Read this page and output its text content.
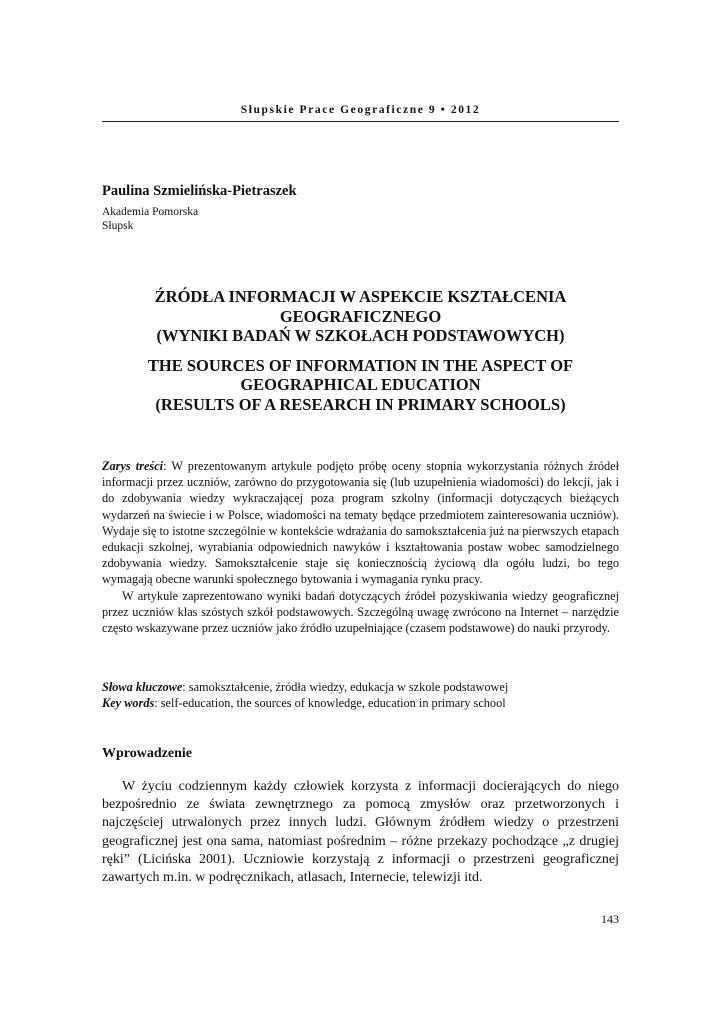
Słupskie Prace Geograficzne 9 • 2012
Paulina Szmielińska-Pietraszek
Akademia Pomorska
Słupsk
ŹRÓDŁA INFORMACJI W ASPEKCIE KSZTAŁCENIA
GEOGRAFICZNEGO
(WYNIKI BADAŃ W SZKOŁACH PODSTAWOWYCH)
THE SOURCES OF INFORMATION IN THE ASPECT OF
GEOGRAPHICAL EDUCATION
(RESULTS OF A RESEARCH IN PRIMARY SCHOOLS)

Zarys treści: W prezentowanym artykule podjęto próbę oceny stopnia wykorzystania różnych źródeł informacji przez uczniów, zarówno do przygotowania się (lub uzupełnienia wiadomości) do lekcji, jak i do zdobywania wiedzy wykraczającej poza program szkolny (informacji dotyczących bieżących wydarzeń na świecie i w Polsce, wiadomości na tematy będące przedmiotem zainteresowania uczniów). Wydaje się to istotne szczególnie w kontekście wdrażania do samokształcenia już na pierwszych etapach edukacji szkolnej, wyrabiania odpowiednich nawyków i kształtowania postaw wobec samodzielnego zdobywania wiedzy. Samokształcenie staje się koniecznością życiową dla ogółu ludzi, bo tego wymagają obecne warunki społecznego bytowania i wymagania rynku pracy.

W artykule zaprezentowano wyniki badań dotyczących źródeł pozyskiwania wiedzy geograficznej przez uczniów klas szóstych szkół podstawowych. Szczególną uwagę zwrócono na Internet – narzędzie często wskazywane przez uczniów jako źródło uzupełniające (czasem podstawowe) do nauki przyrody.

Słowa kluczowe: samokształcenie, źródła wiedzy, edukacja w szkole podstawowej
Key words: self-education, the sources of knowledge, education in primary school
Wprowadzenie

W życiu codziennym każdy człowiek korzysta z informacji docierających do niego bezpośrednio ze świata zewnętrznego za pomocą zmysłów oraz przetworzonych i najczęściej utrwalonych przez innych ludzi. Głównym źródłem wiedzy o przestrzeni geograficznej jest ona sama, natomiast pośrednim – różne przekazy pochodzące „z drugiej ręki” (Licińska 2001). Uczniowie korzystają z informacji o przestrzeni geograficznej zawartych m.in. w podręcznikach, atlasach, Internecie, telewizji itd.

143
